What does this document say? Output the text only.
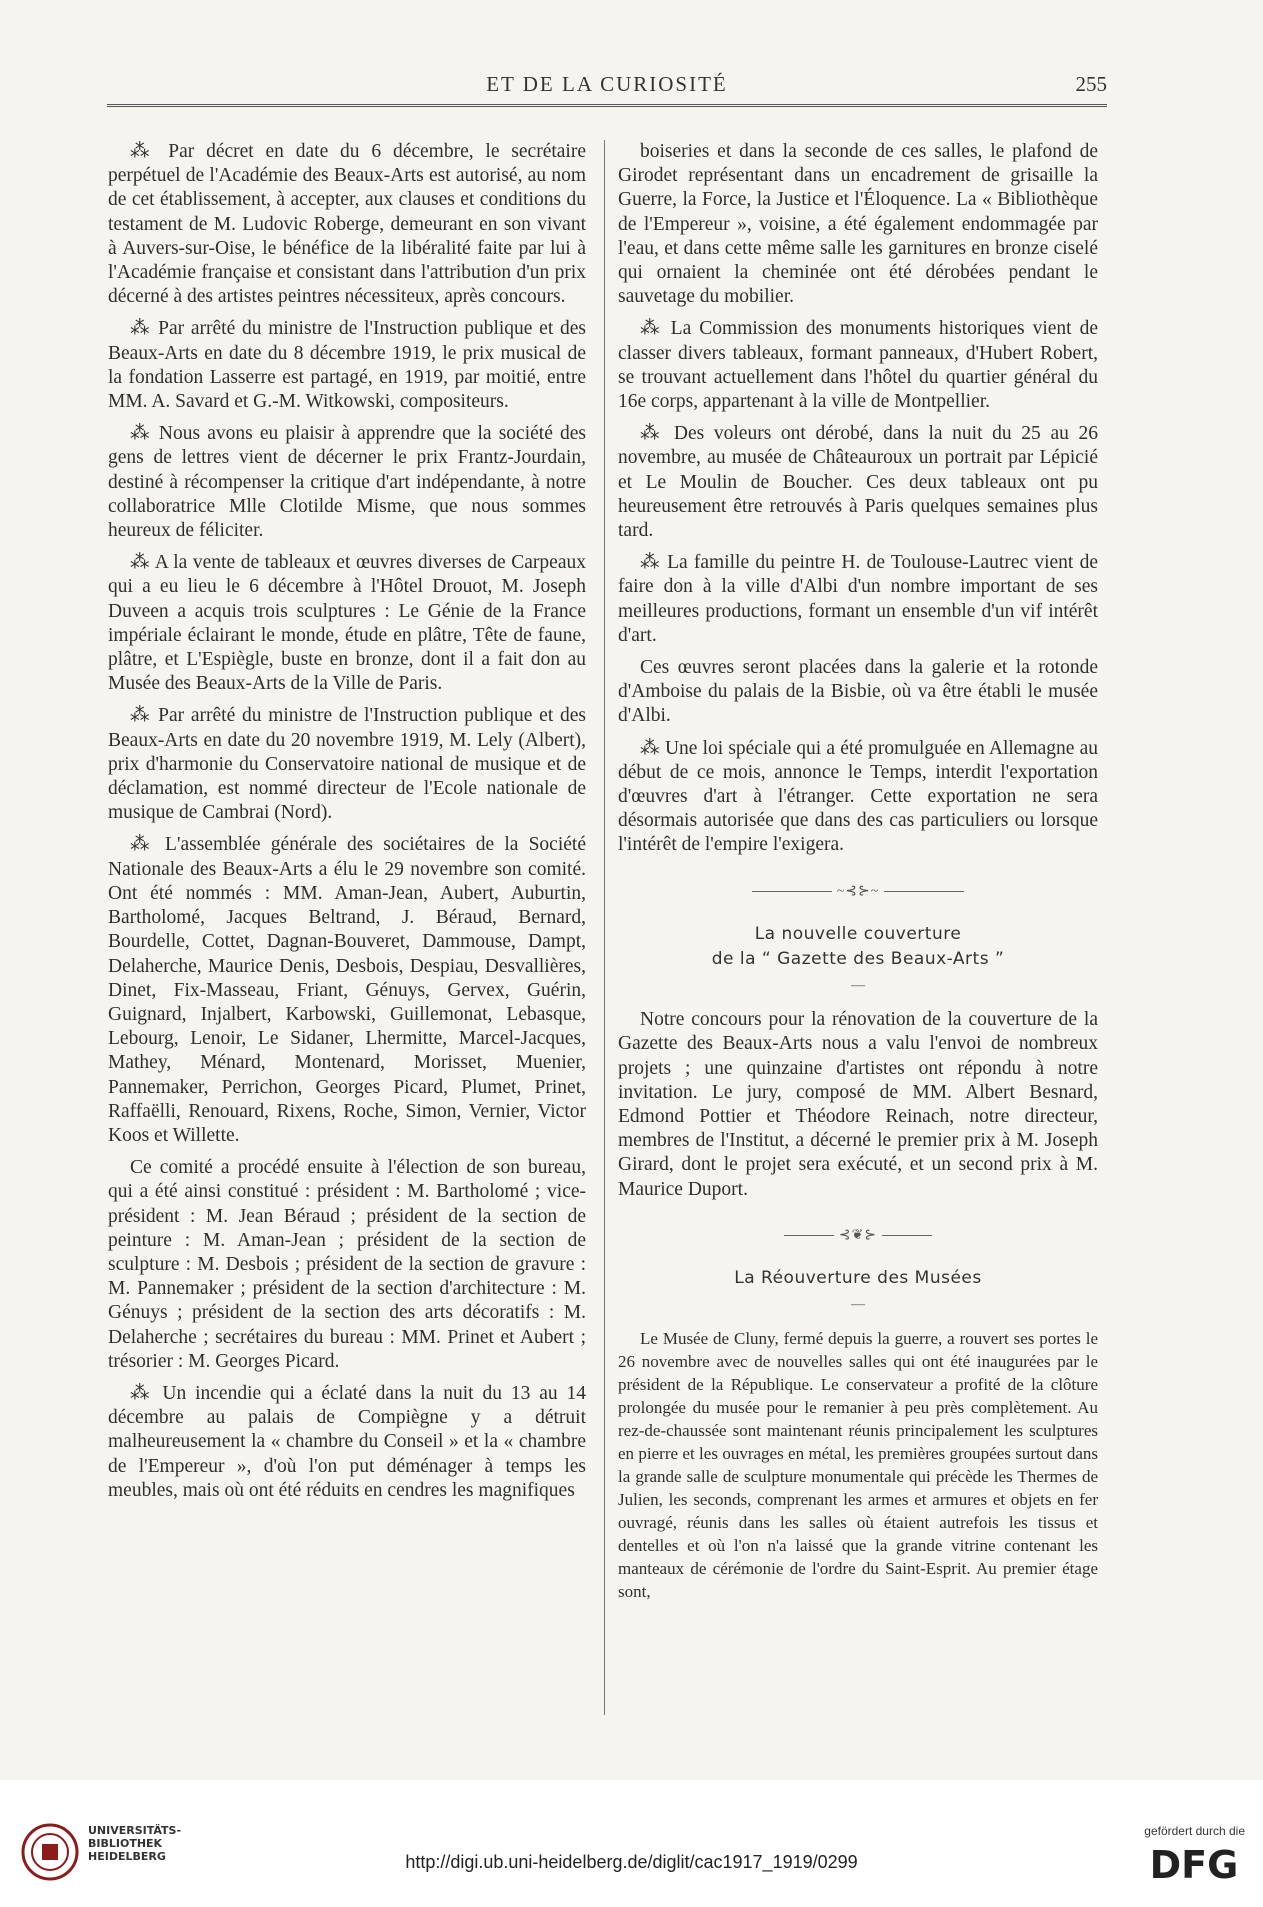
ET DE LA CURIOSITÉ	255

⁂ Par décret en date du 6 décembre, le secrétaire perpétuel de l'Académie des Beaux-Arts est autorisé, au nom de cet établissement, à accepter, aux clauses et conditions du testament de M. Ludovic Roberge, demeurant en son vivant à Auvers-sur-Oise, le bénéfice de la libéralité faite par lui à l'Académie française et consistant dans l'attribution d'un prix décerné à des artistes peintres nécessiteux, après concours.

⁂ Par arrêté du ministre de l'Instruction publique et des Beaux-Arts en date du 8 décembre 1919, le prix musical de la fondation Lasserre est partagé, en 1919, par moitié, entre MM. A. Savard et G.-M. Witkowski, compositeurs.

⁂ Nous avons eu plaisir à apprendre que la société des gens de lettres vient de décerner le prix Frantz-Jourdain, destiné à récompenser la critique d'art indépendante, à notre collaboratrice Mlle Clotilde Misme, que nous sommes heureux de féliciter.

⁂ A la vente de tableaux et œuvres diverses de Carpeaux qui a eu lieu le 6 décembre à l'Hôtel Drouot, M. Joseph Duveen a acquis trois sculptures : Le Génie de la France impériale éclairant le monde, étude en plâtre, Tête de faune, plâtre, et L'Espiègle, buste en bronze, dont il a fait don au Musée des Beaux-Arts de la Ville de Paris.

⁂ Par arrêté du ministre de l'Instruction publique et des Beaux-Arts en date du 20 novembre 1919, M. Lely (Albert), prix d'harmonie du Conservatoire national de musique et de déclamation, est nommé directeur de l'Ecole nationale de musique de Cambrai (Nord).

⁂ L'assemblée générale des sociétaires de la Société Nationale des Beaux-Arts a élu le 29 novembre son comité. Ont été nommés : MM. Aman-Jean, Aubert, Auburtin, Bartholomé, Jacques Beltrand, J. Béraud, Bernard, Bourdelle, Cottet, Dagnan-Bouveret, Dammouse, Dampt, Delaherche, Maurice Denis, Desbois, Despiau, Desvallières, Dinet, Fix-Masseau, Friant, Génuys, Gervex, Guérin, Guignard, Injalbert, Karbowski, Guillemonat, Lebasque, Lebourg, Lenoir, Le Sidaner, Lhermitte, Marcel-Jacques, Mathey, Ménard, Montenard, Morisset, Muenier, Pannemaker, Perrichon, Georges Picard, Plumet, Prinet, Raffaëlli, Renouard, Rixens, Roche, Simon, Vernier, Victor Koos et Willette.

Ce comité a procédé ensuite à l'élection de son bureau, qui a été ainsi constitué : président : M. Bartholomé ; vice-président : M. Jean Béraud ; président de la section de peinture : M. Aman-Jean ; président de la section de sculpture : M. Desbois ; président de la section de gravure : M. Pannemaker ; président de la section d'architecture : M. Génuys ; président de la section des arts décoratifs : M. Delaherche ; secrétaires du bureau : MM. Prinet et Aubert ; trésorier : M. Georges Picard.

⁂ Un incendie qui a éclaté dans la nuit du 13 au 14 décembre au palais de Compiègne y a détruit malheureusement la « chambre du Conseil » et la « chambre de l'Empereur », d'où l'on put déménager à temps les meubles, mais où ont été réduits en cendres les magnifiques

boiseries et dans la seconde de ces salles, le plafond de Girodet représentant dans un encadrement de grisaille la Guerre, la Force, la Justice et l'Éloquence. La « Bibliothèque de l'Empereur », voisine, a été également endommagée par l'eau, et dans cette même salle les garnitures en bronze ciselé qui ornaient la cheminée ont été dérobées pendant le sauvetage du mobilier.

⁂ La Commission des monuments historiques vient de classer divers tableaux, formant panneaux, d'Hubert Robert, se trouvant actuellement dans l'hôtel du quartier général du 16e corps, appartenant à la ville de Montpellier.

⁂ Des voleurs ont dérobé, dans la nuit du 25 au 26 novembre, au musée de Châteauroux un portrait par Lépicié et Le Moulin de Boucher. Ces deux tableaux ont pu heureusement être retrouvés à Paris quelques semaines plus tard.

⁂ La famille du peintre H. de Toulouse-Lautrec vient de faire don à la ville d'Albi d'un nombre important de ses meilleures productions, formant un ensemble d'un vif intérêt d'art.

Ces œuvres seront placées dans la galerie et la rotonde d'Amboise du palais de la Bisbie, où va être établi le musée d'Albi.

⁂ Une loi spéciale qui a été promulguée en Allemagne au début de ce mois, annonce le Temps, interdit l'exportation d'œuvres d'art à l'étranger. Cette exportation ne sera désormais autorisée que dans des cas particuliers ou lorsque l'intérêt de l'empire l'exigera.

~⊰⊱~
La nouvelle couverture
de la “ Gazette des Beaux-Arts ”
—

Notre concours pour la rénovation de la couverture de la Gazette des Beaux-Arts nous a valu l'envoi de nombreux projets ; une quinzaine d'artistes ont répondu à notre invitation. Le jury, composé de MM. Albert Besnard, Edmond Pottier et Théodore Reinach, notre directeur, membres de l'Institut, a décerné le premier prix à M. Joseph Girard, dont le projet sera exécuté, et un second prix à M. Maurice Duport.

⊰❦⊱
La Réouverture des Musées
—

Le Musée de Cluny, fermé depuis la guerre, a rouvert ses portes le 26 novembre avec de nouvelles salles qui ont été inaugurées par le président de la République. Le conservateur a profité de la clôture prolongée du musée pour le remanier à peu près complètement. Au rez-de-chaussée sont maintenant réunis principalement les sculptures en pierre et les ouvrages en métal, les premières groupées surtout dans la grande salle de sculpture monumentale qui précède les Thermes de Julien, les seconds, comprenant les armes et armures et objets en fer ouvragé, réunis dans les salles où étaient autrefois les tissus et dentelles et où l'on n'a laissé que la grande vitrine contenant les manteaux de cérémonie de l'ordre du Saint-Esprit. Au premier étage sont,

UNIVERSITÄTS-
BIBLIOTHEK
HEIDELBERG	http://digi.ub.uni-heidelberg.de/diglit/cac1917_1919/0299
gefördert durch die
DFG
